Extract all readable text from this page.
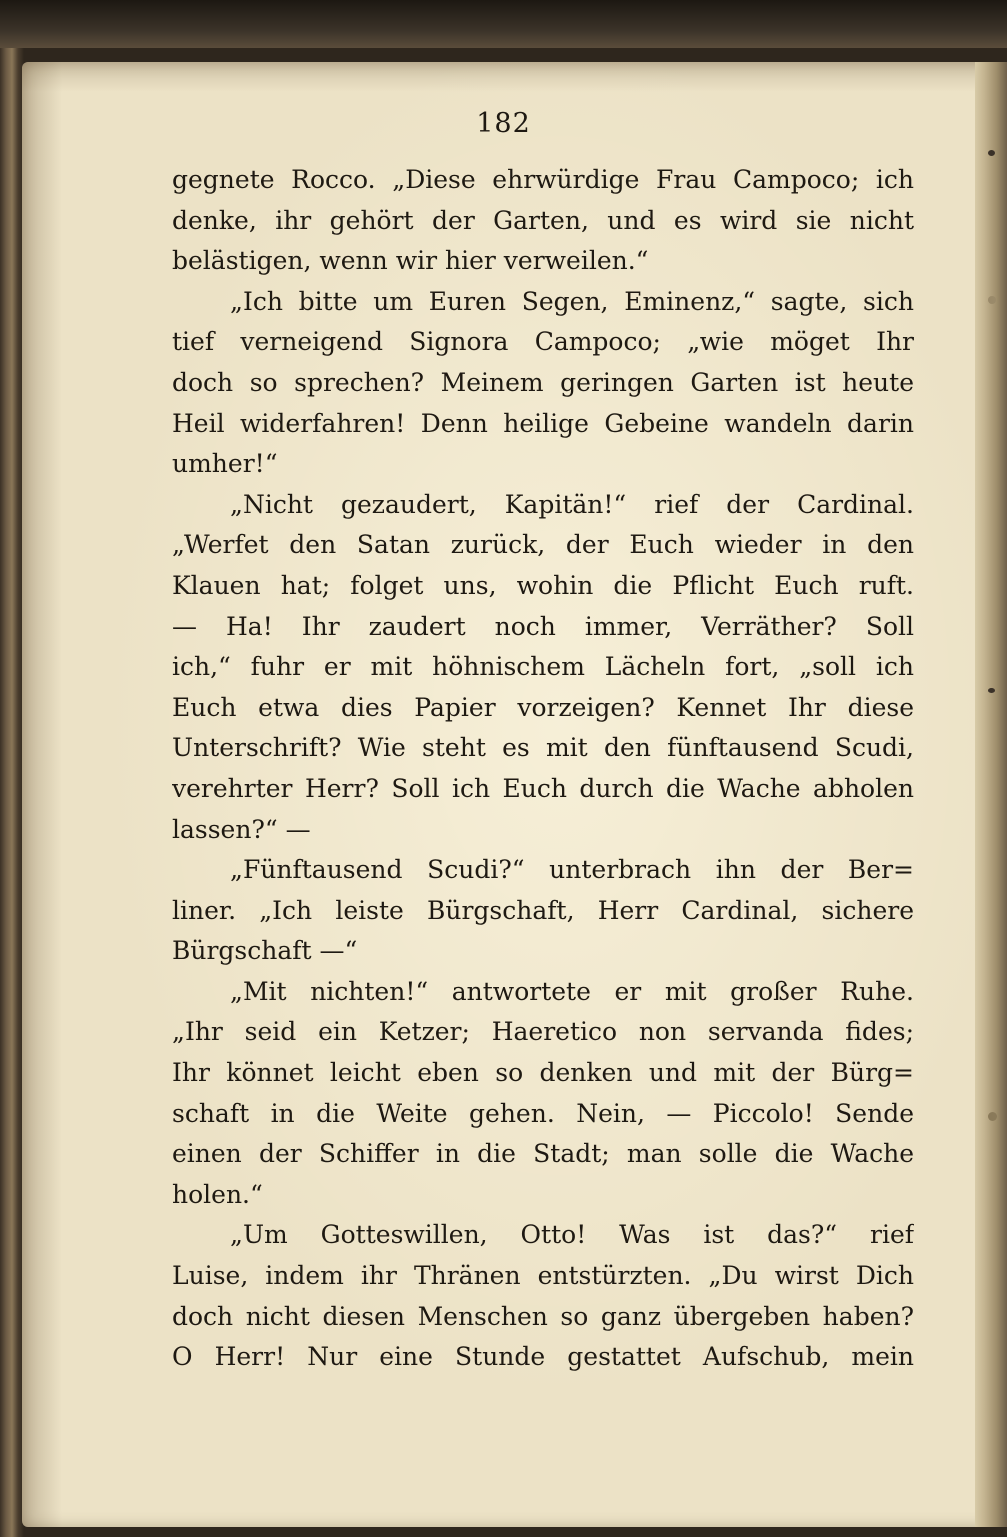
182
gegnete Rocco. „Diese ehrwürdige Frau Campoco; ich
denke, ihr gehört der Garten, und es wird sie nicht
belästigen, wenn wir hier verweilen.“
„Ich bitte um Euren Segen, Eminenz,“ sagte, sich
tief verneigend Signora Campoco; „wie möget Ihr
doch so sprechen? Meinem geringen Garten ist heute
Heil widerfahren! Denn heilige Gebeine wandeln darin
umher!“
„Nicht gezaudert, Kapitän!“ rief der Cardinal.
„Werfet den Satan zurück, der Euch wieder in den
Klauen hat; folget uns, wohin die Pflicht Euch ruft.
— Ha! Ihr zaudert noch immer, Verräther? Soll
ich,“ fuhr er mit höhnischem Lächeln fort, „soll ich
Euch etwa dies Papier vorzeigen? Kennet Ihr diese
Unterschrift? Wie steht es mit den fünftausend Scudi,
verehrter Herr? Soll ich Euch durch die Wache abholen
lassen?“ —
„Fünftausend Scudi?“ unterbrach ihn der Ber=
liner. „Ich leiste Bürgschaft, Herr Cardinal, sichere
Bürgschaft —“
„Mit nichten!“ antwortete er mit großer Ruhe.
„Ihr seid ein Ketzer; Haeretico non servanda fides;
Ihr könnet leicht eben so denken und mit der Bürg=
schaft in die Weite gehen. Nein, — Piccolo! Sende
einen der Schiffer in die Stadt; man solle die Wache
holen.“
„Um Gotteswillen, Otto! Was ist das?“ rief
Luise, indem ihr Thränen entstürzten. „Du wirst Dich
doch nicht diesen Menschen so ganz übergeben haben?
O Herr! Nur eine Stunde gestattet Aufschub, mein
